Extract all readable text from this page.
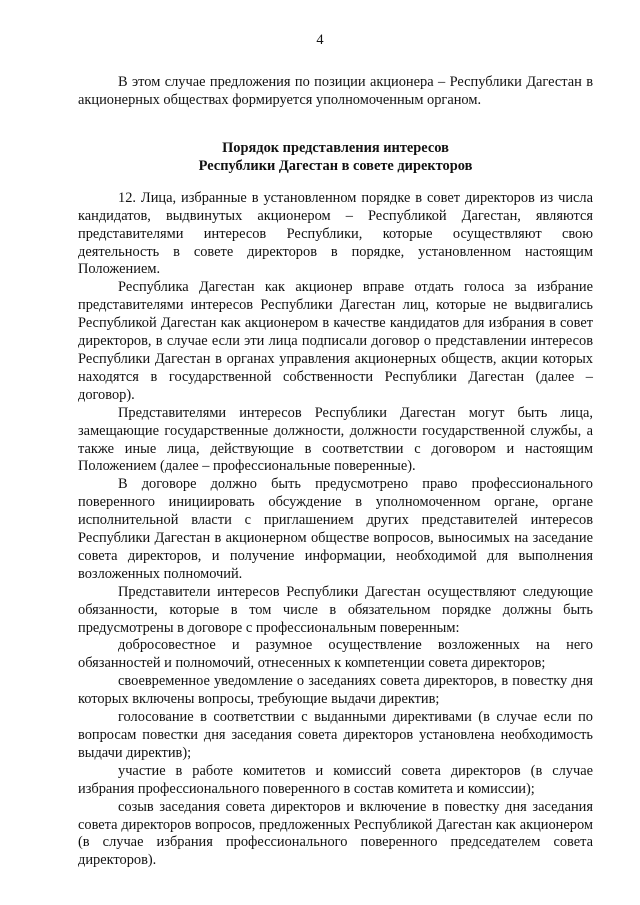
4

В этом случае предложения по позиции акционера – Республики Дагестан в акционерных обществах формируется уполномоченным органом.

Порядок представления интересов
Республики Дагестан в совете директоров

12. Лица, избранные в установленном порядке в совет директоров из числа кандидатов, выдвинутых акционером – Республикой Дагестан, являются представителями интересов Республики, которые осуществляют свою деятельность в совете директоров в порядке, установленном настоящим Положением.

Республика Дагестан как акционер вправе отдать голоса за избрание представителями интересов Республики Дагестан лиц, которые не выдвигались Республикой Дагестан как акционером в качестве кандидатов для избрания в совет директоров, в случае если эти лица подписали договор о представлении интересов Республики Дагестан в органах управления акционерных обществ, акции которых находятся в государственной собственности Республики Дагестан (далее – договор).

Представителями интересов Республики Дагестан могут быть лица, замещающие государственные должности, должности государственной службы, а также иные лица, действующие в соответствии с договором и настоящим Положением (далее – профессиональные поверенные).

В договоре должно быть предусмотрено право профессионального поверенного инициировать обсуждение в уполномоченном органе, органе исполнительной власти с приглашением других представителей интересов Республики Дагестан в акционерном обществе вопросов, выносимых на заседание совета директоров, и получение информации, необходимой для выполнения возложенных полномочий.

Представители интересов Республики Дагестан осуществляют следующие обязанности, которые в том числе в обязательном порядке должны быть предусмотрены в договоре с профессиональным поверенным:

добросовестное и разумное осуществление возложенных на него обязанностей и полномочий, отнесенных к компетенции совета директоров;

своевременное уведомление о заседаниях совета директоров, в повестку дня которых включены вопросы, требующие выдачи директив;

голосование в соответствии с выданными директивами (в случае если по вопросам повестки дня заседания совета директоров установлена необходимость выдачи директив);

участие в работе комитетов и комиссий совета директоров (в случае избрания профессионального поверенного в состав комитета и комиссии);

созыв заседания совета директоров и включение в повестку дня заседания совета директоров вопросов, предложенных Республикой Дагестан как акционером (в случае избрания профессионального поверенного председателем совета директоров).
